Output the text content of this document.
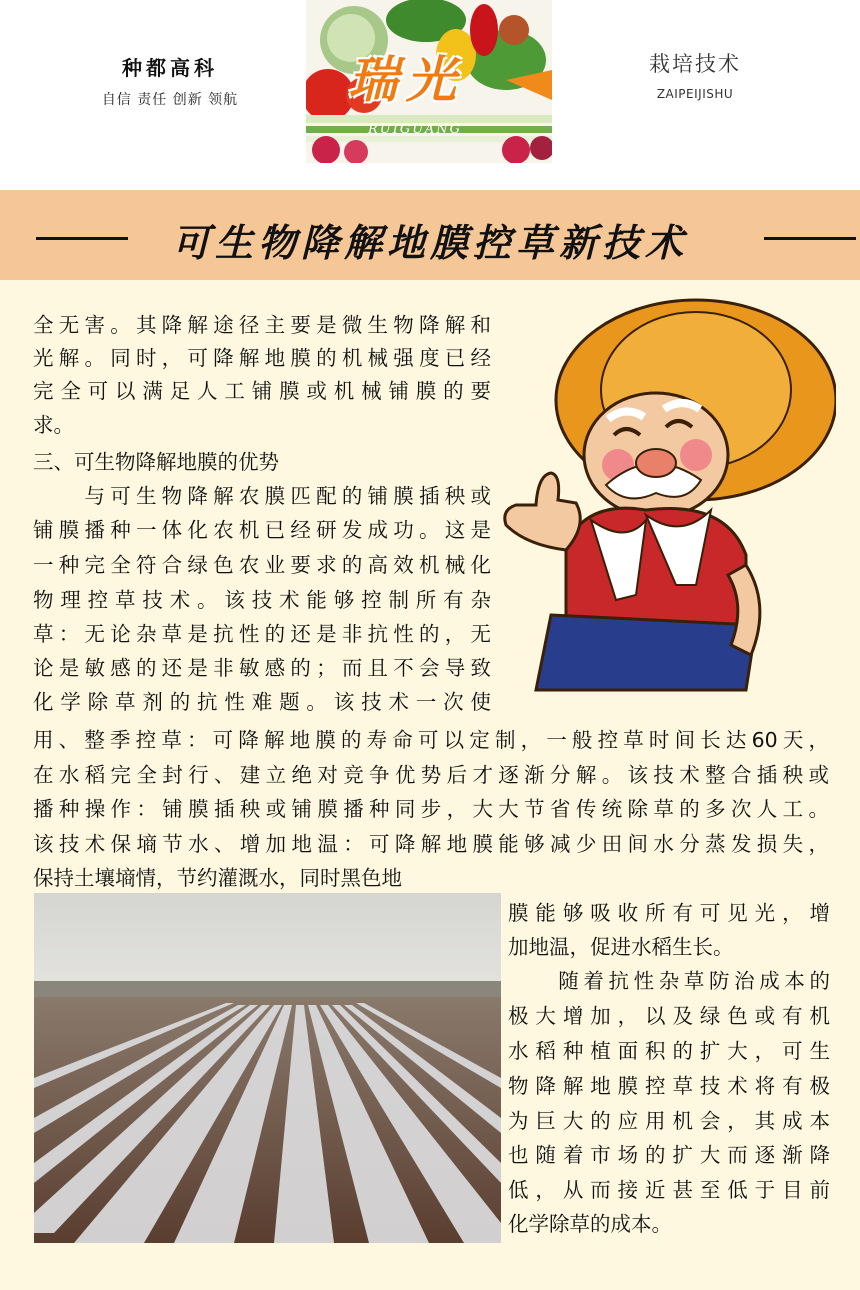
种都高科
自信 责任 创新 领航	瑞光
RUIGUANG
栽培技术
ZAIPEIJISHU
可生物降解地膜控草新技术
全无害。其降解途径主要是微生物降解和
光解。同时，可降解地膜的机械强度已经
完全可以满足人工铺膜或机械铺膜的要
求。
三、可生物降解地膜的优势
　　与可生物降解农膜匹配的铺膜插秧或
铺膜播种一体化农机已经研发成功。这是
一种完全符合绿色农业要求的高效机械化
物理控草技术。该技术能够控制所有杂
草：无论杂草是抗性的还是非抗性的，无
论是敏感的还是非敏感的；而且不会导致
化学除草剂的抗性难题。该技术一次使
用、整季控草：可降解地膜的寿命可以定制，一般控草时间长达60天，
在水稻完全封行、建立绝对竞争优势后才逐渐分解。该技术整合插秧或
播种操作：铺膜插秧或铺膜播种同步，大大节省传统除草的多次人工。
该技术保墒节水、增加地温：可降解地膜能够减少田间水分蒸发损失，
保持土壤墒情，节约灌溉水，同时黑色地
膜能够吸收所有可见光，增
加地温，促进水稻生长。
　　随着抗性杂草防治成本的
极大增加，以及绿色或有机
水稻种植面积的扩大，可生
物降解地膜控草技术将有极
为巨大的应用机会，其成本
也随着市场的扩大而逐渐降
低，从而接近甚至低于目前
化学除草的成本。
